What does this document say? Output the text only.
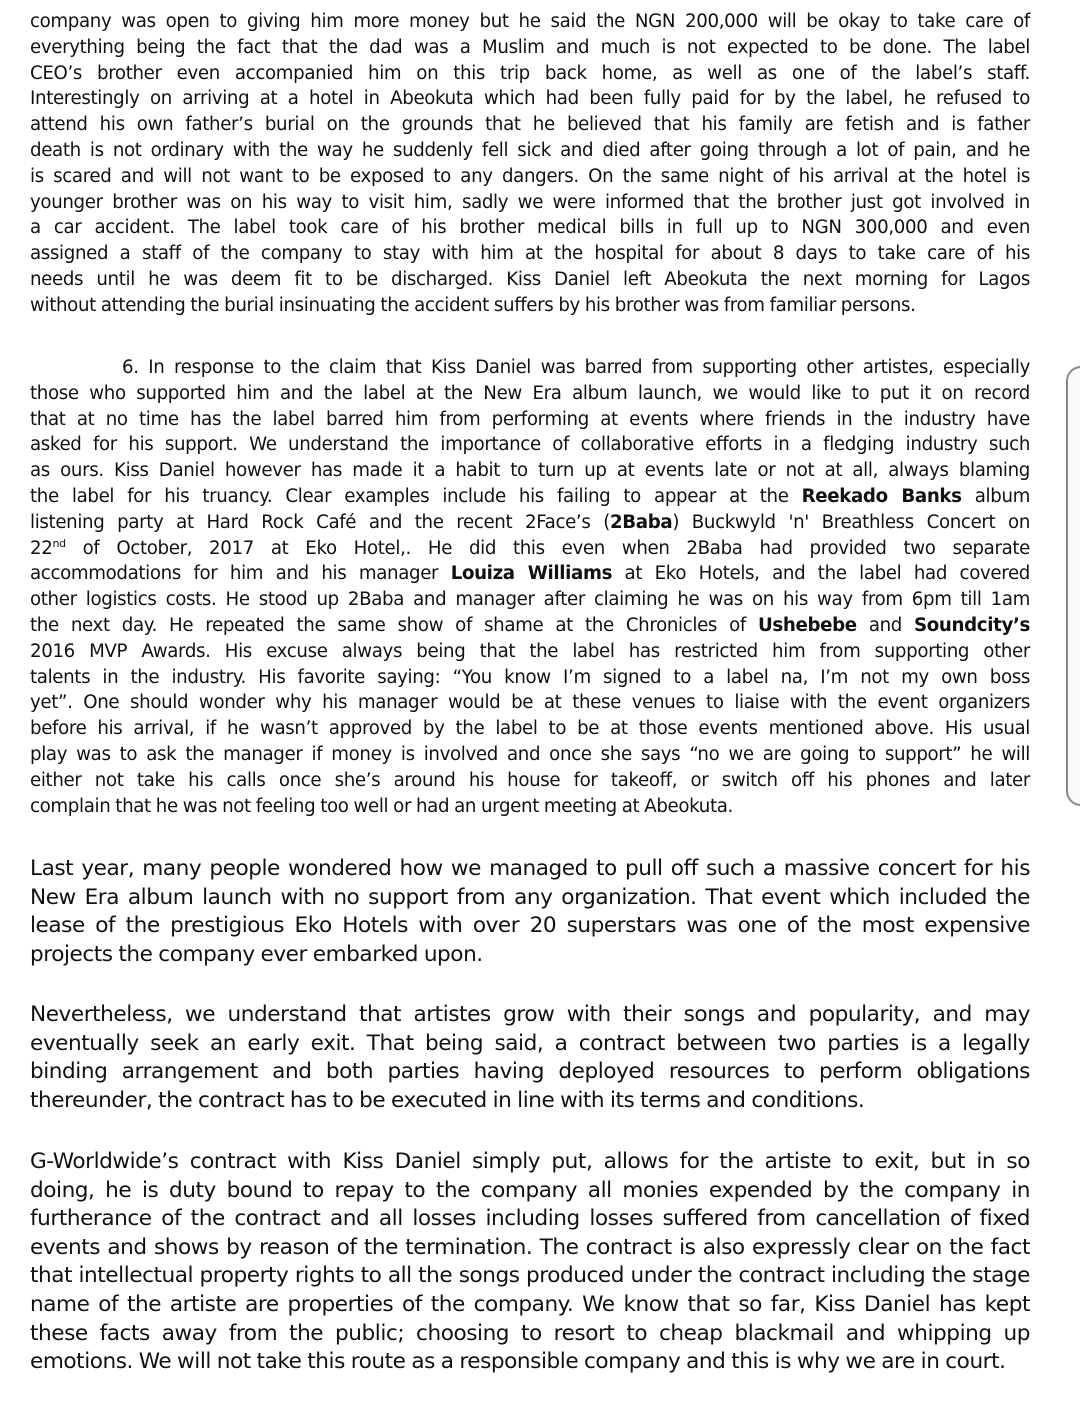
company was open to giving him more money but he said the NGN 200,000 will be okay to take care of
everything being the fact that the dad was a Muslim and much is not expected to be done. The label
CEO’s brother even accompanied him on this trip back home, as well as one of the label’s staff.
Interestingly on arriving at a hotel in Abeokuta which had been fully paid for by the label, he refused to
attend his own father’s burial on the grounds that he believed that his family are fetish and is father
death is not ordinary with the way he suddenly fell sick and died after going through a lot of pain, and he
is scared and will not want to be exposed to any dangers. On the same night of his arrival at the hotel is
younger brother was on his way to visit him, sadly we were informed that the brother just got involved in
a car accident. The label took care of his brother medical bills in full up to NGN 300,000 and even
assigned a staff of the company to stay with him at the hospital for about 8 days to take care of his
needs until he was deem fit to be discharged. Kiss Daniel left Abeokuta the next morning for Lagos
without attending the burial insinuating the accident suffers by his brother was from familiar persons.
6. In response to the claim that Kiss Daniel was barred from supporting other artistes, especially
those who supported him and the label at the New Era album launch, we would like to put it on record
that at no time has the label barred him from performing at events where friends in the industry have
asked for his support. We understand the importance of collaborative efforts in a fledging industry such
as ours. Kiss Daniel however has made it a habit to turn up at events late or not at all, always blaming
the label for his truancy. Clear examples include his failing to appear at the Reekado Banks album
listening party at Hard Rock Café and the recent 2Face’s (2Baba) Buckwyld 'n' Breathless Concert on
22nd of October, 2017 at Eko Hotel,. He did this even when 2Baba had provided two separate
accommodations for him and his manager Louiza Williams at Eko Hotels, and the label had covered
other logistics costs. He stood up 2Baba and manager after claiming he was on his way from 6pm till 1am
the next day. He repeated the same show of shame at the Chronicles of Ushebebe and Soundcity’s
2016 MVP Awards. His excuse always being that the label has restricted him from supporting other
talents in the industry. His favorite saying: “You know I’m signed to a label na, I’m not my own boss
yet”. One should wonder why his manager would be at these venues to liaise with the event organizers
before his arrival, if he wasn’t approved by the label to be at those events mentioned above. His usual
play was to ask the manager if money is involved and once she says “no we are going to support” he will
either not take his calls once she’s around his house for takeoff, or switch off his phones and later
complain that he was not feeling too well or had an urgent meeting at Abeokuta.
Last year, many people wondered how we managed to pull off such a massive concert for his
New Era album launch with no support from any organization. That event which included the
lease of the prestigious Eko Hotels with over 20 superstars was one of the most expensive
projects the company ever embarked upon.
Nevertheless, we understand that artistes grow with their songs and popularity, and may
eventually seek an early exit. That being said, a contract between two parties is a legally
binding arrangement and both parties having deployed resources to perform obligations
thereunder, the contract has to be executed in line with its terms and conditions.
G-Worldwide’s contract with Kiss Daniel simply put, allows for the artiste to exit, but in so
doing, he is duty bound to repay to the company all monies expended by the company in
furtherance of the contract and all losses including losses suffered from cancellation of fixed
events and shows by reason of the termination. The contract is also expressly clear on the fact
that intellectual property rights to all the songs produced under the contract including the stage
name of the artiste are properties of the company. We know that so far, Kiss Daniel has kept
these facts away from the public; choosing to resort to cheap blackmail and whipping up
emotions. We will not take this route as a responsible company and this is why we are in court.
